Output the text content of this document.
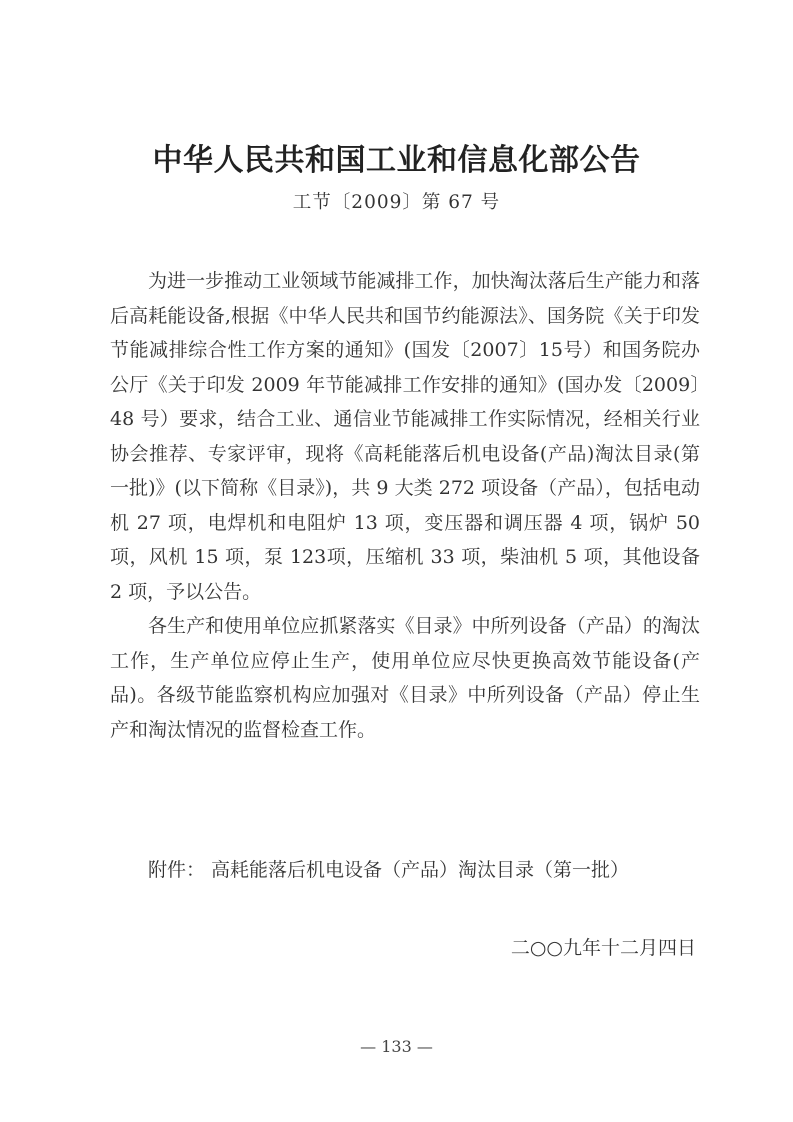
中华人民共和国工业和信息化部公告
工节〔2009〕第 67 号

为进一步推动工业领域节能减排工作，加快淘汰落后生产能力和落后高耗能设备,根据《中华人民共和国节约能源法》、国务院《关于印发节能减排综合性工作方案的通知》(国发〔2007〕15号）和国务院办公厅《关于印发 2009 年节能减排工作安排的通知》(国办发〔2009〕48 号）要求，结合工业、通信业节能减排工作实际情况，经相关行业协会推荐、专家评审，现将《高耗能落后机电设备(产品)淘汰目录(第一批)》(以下简称《目录》)，共 9 大类 272 项设备（产品），包括电动机 27 项，电焊机和电阻炉 13 项，变压器和调压器 4 项，锅炉 50 项，风机 15 项，泵 123项，压缩机 33 项，柴油机 5 项，其他设备 2 项，予以公告。

各生产和使用单位应抓紧落实《目录》中所列设备（产品）的淘汰工作，生产单位应停止生产，使用单位应尽快更换高效节能设备(产品)。各级节能监察机构应加强对《目录》中所列设备（产品）停止生产和淘汰情况的监督检查工作。

附件： 高耗能落后机电设备（产品）淘汰目录（第一批）
二○○九年十二月四日
— 133 —
